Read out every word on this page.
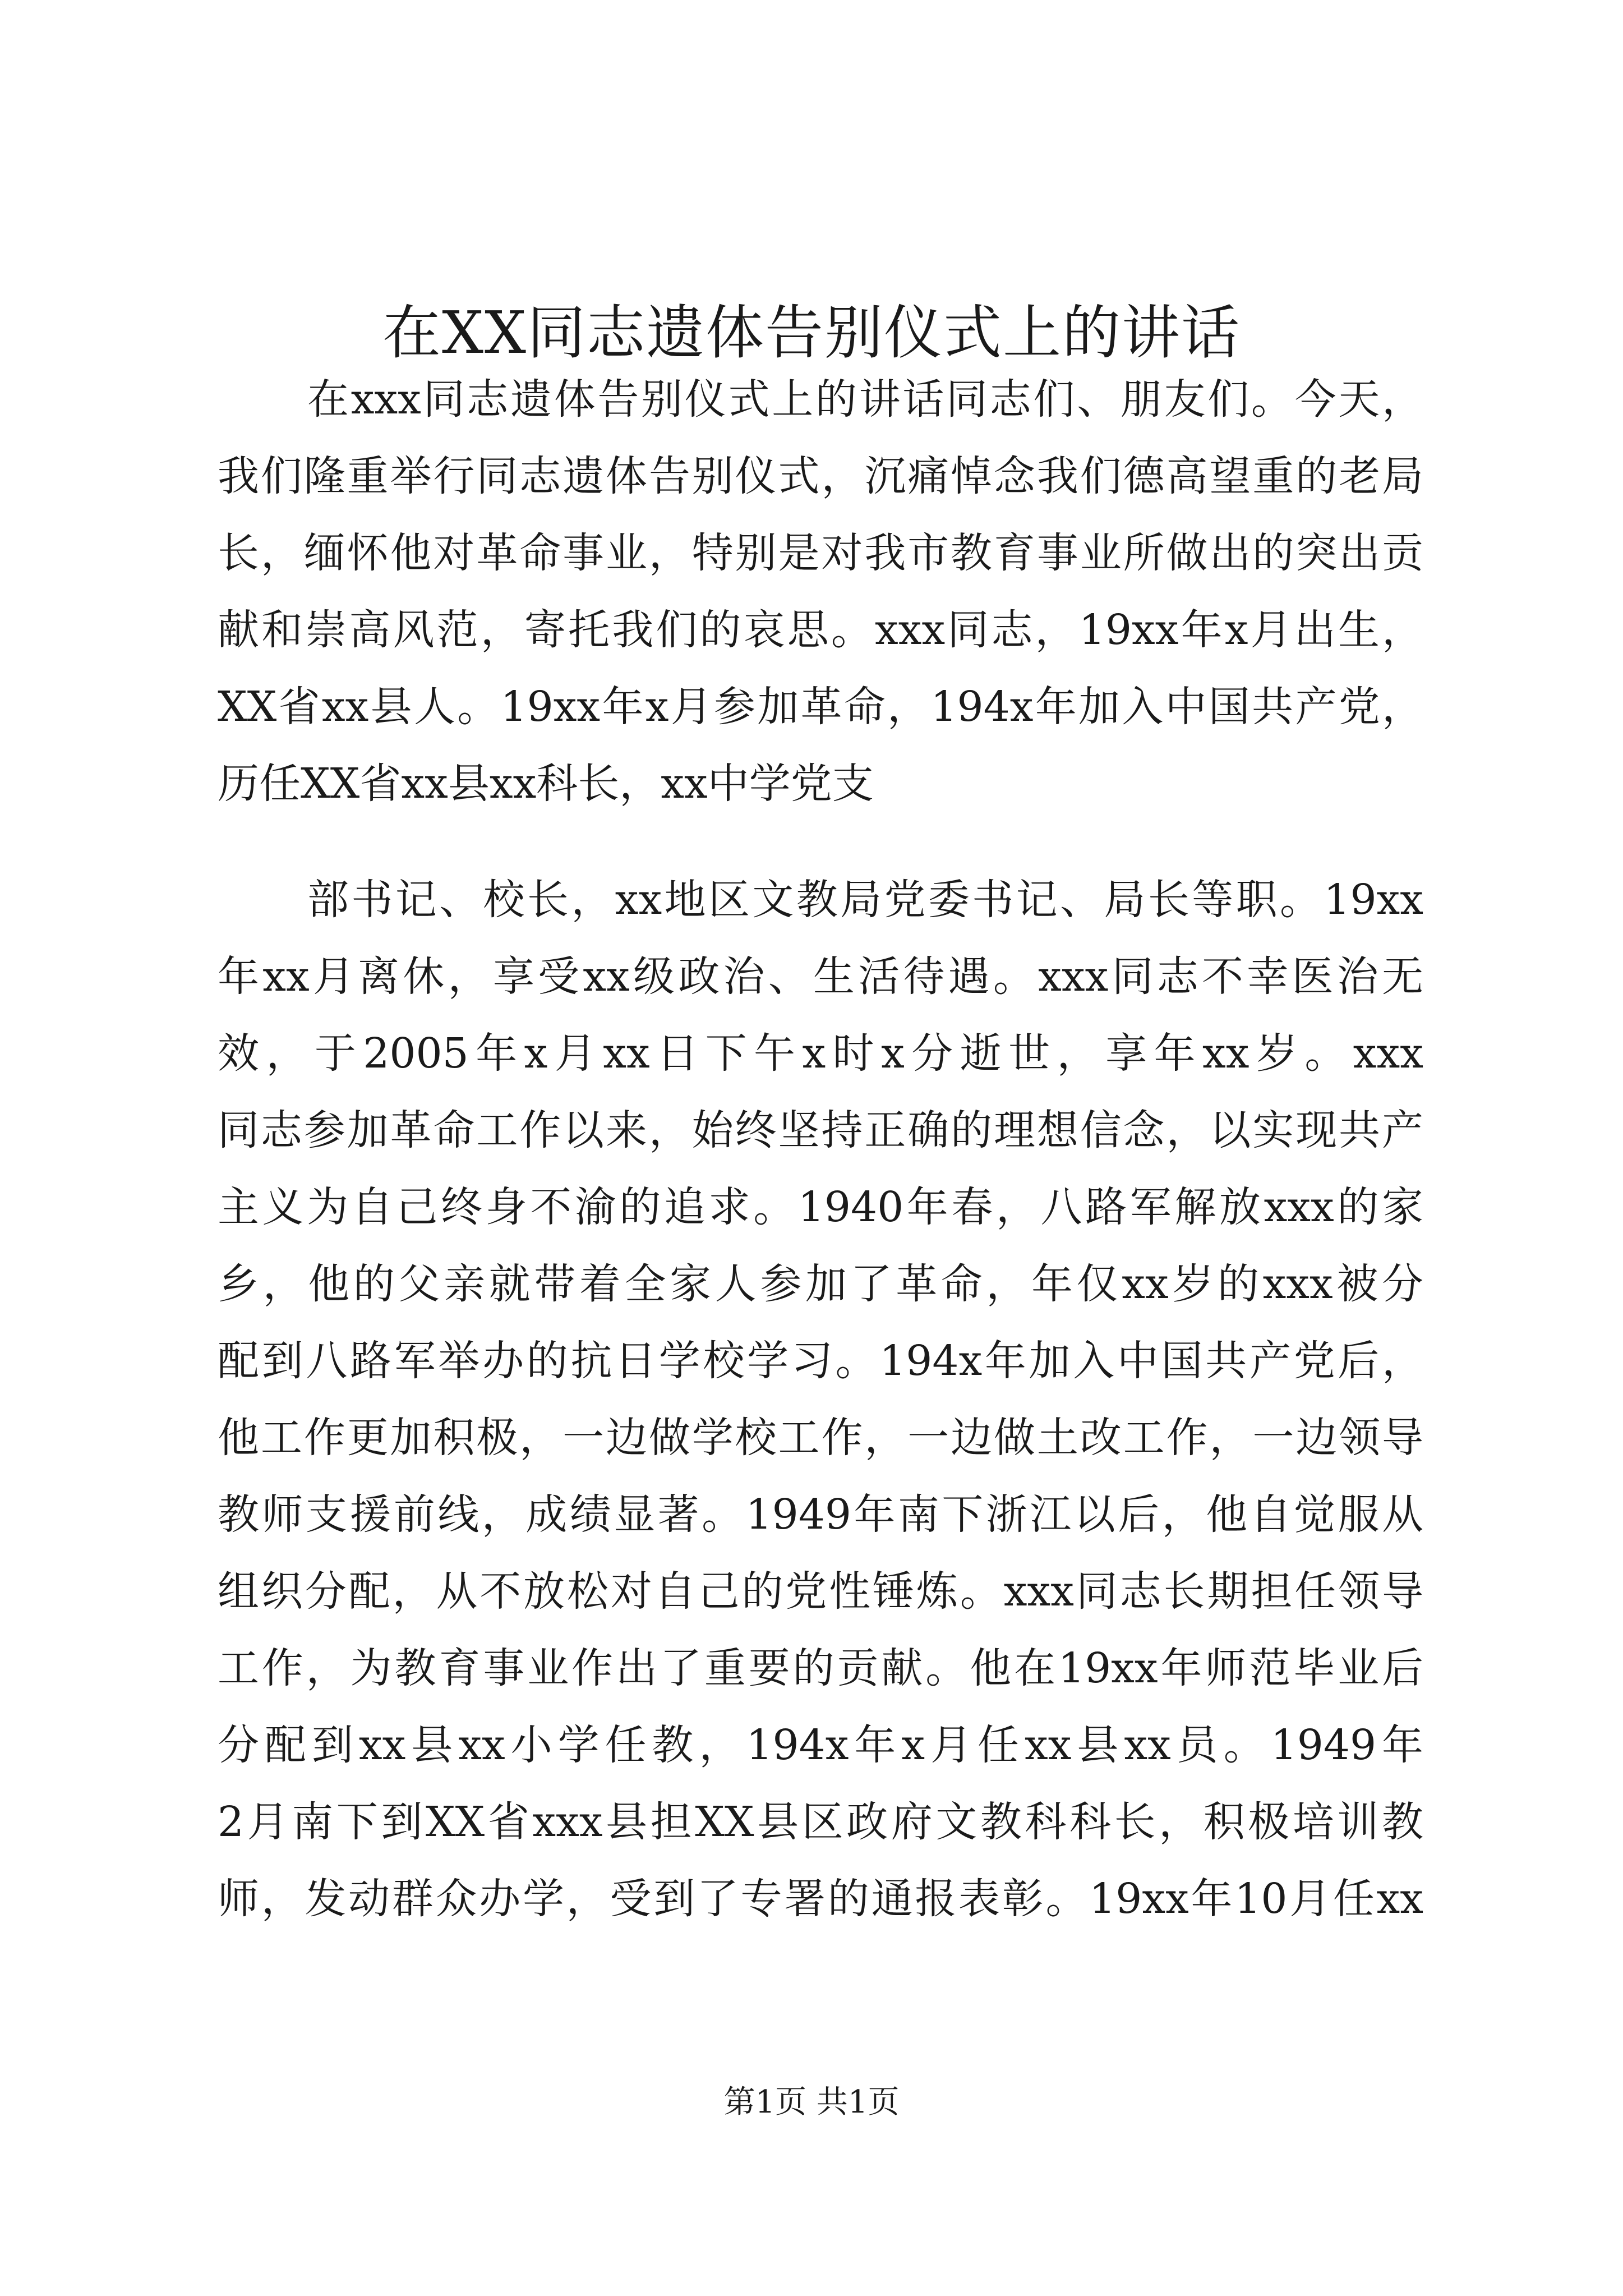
在XX同志遗体告别仪式上的讲话
在xxx同志遗体告别仪式上的讲话同志们、朋友们。今天，
我们隆重举行同志遗体告别仪式，沉痛悼念我们德高望重的老局
长，缅怀他对革命事业，特别是对我市教育事业所做出的突出贡
献和崇高风范，寄托我们的哀思。xxx同志，19xx年x月出生，
XX省xx县人。19xx年x月参加革命，194x年加入中国共产党，
历任XX省xx县xx科长，xx中学党支
部书记、校长，xx地区文教局党委书记、局长等职。19xx
年xx月离休，享受xx级政治、生活待遇。xxx同志不幸医治无
效，于2005年x月xx日下午x时x分逝世，享年xx岁。xxx
同志参加革命工作以来，始终坚持正确的理想信念，以实现共产
主义为自己终身不渝的追求。1940年春，八路军解放xxx的家
乡，他的父亲就带着全家人参加了革命，年仅xx岁的xxx被分
配到八路军举办的抗日学校学习。194x年加入中国共产党后，
他工作更加积极，一边做学校工作，一边做土改工作，一边领导
教师支援前线，成绩显著。1949年南下浙江以后，他自觉服从
组织分配，从不放松对自己的党性锤炼。xxx同志长期担任领导
工作，为教育事业作出了重要的贡献。他在19xx年师范毕业后
分配到xx县xx小学任教，194x年x月任xx县xx员。1949年
2月南下到XX省xxx县担XX县区政府文教科科长，积极培训教
师，发动群众办学，受到了专署的通报表彰。19xx年10月任xx
第1页 共1页
